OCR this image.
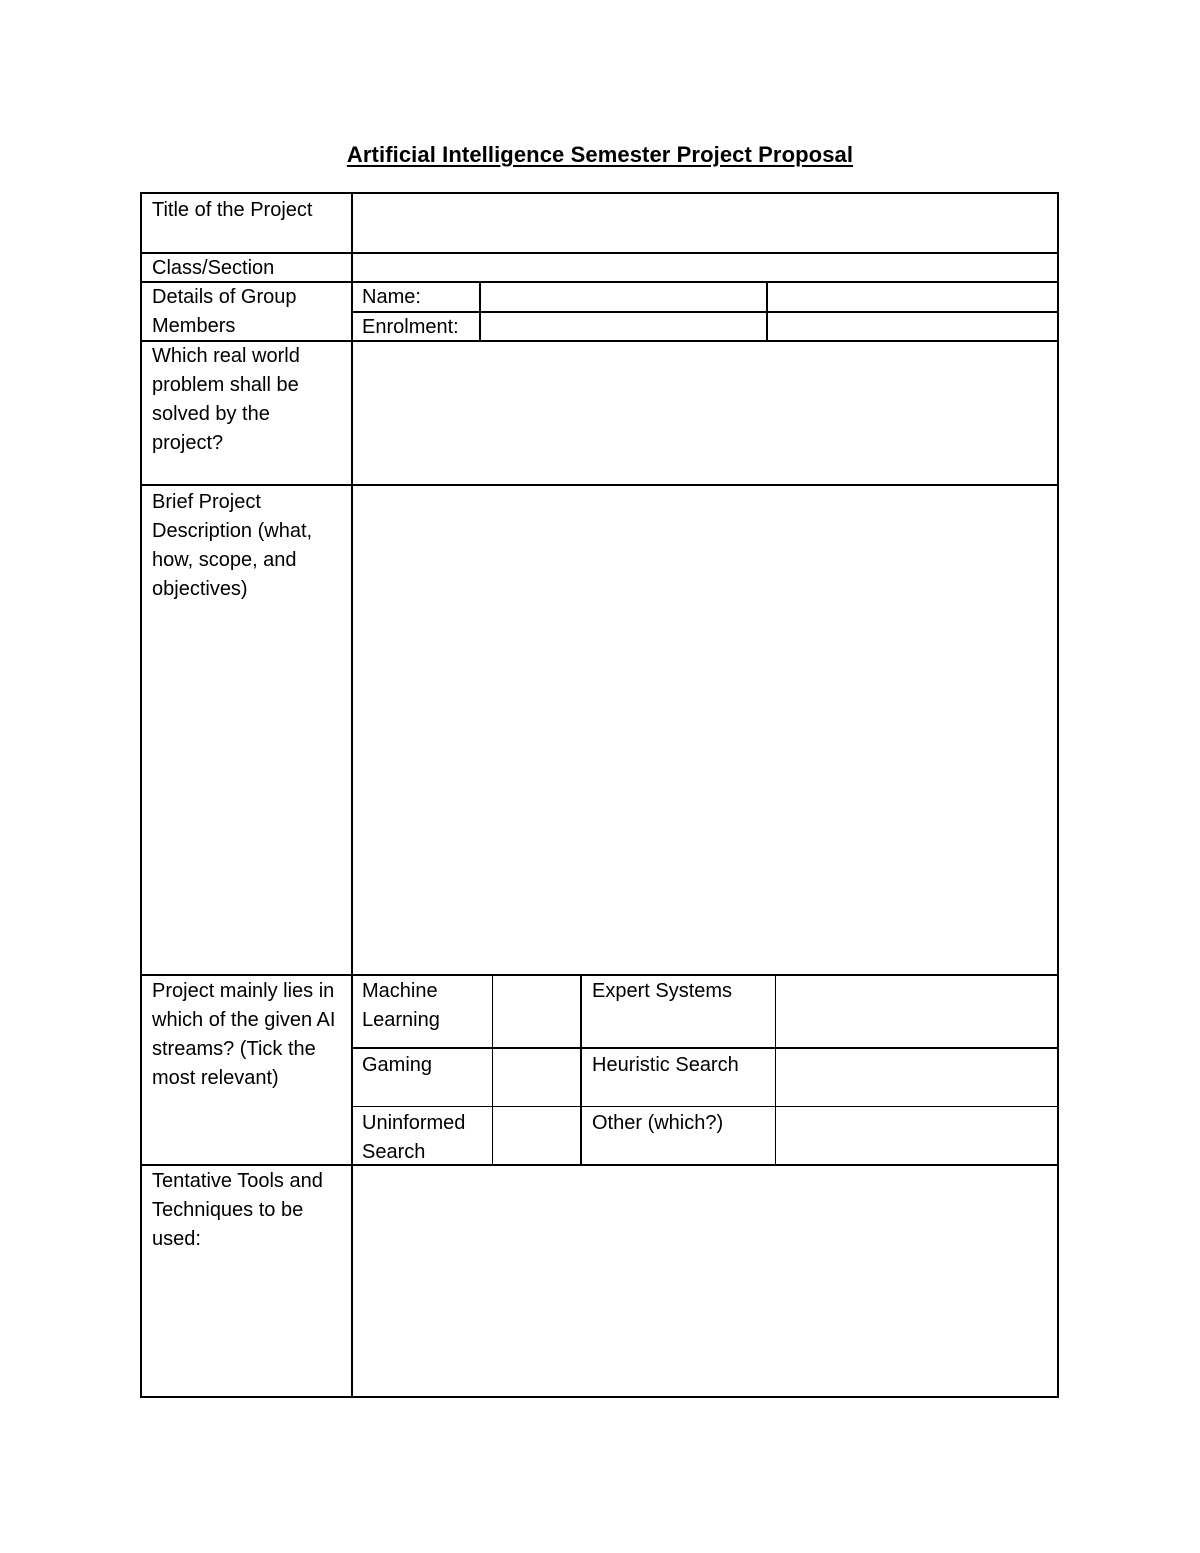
Artificial Intelligence Semester Project Proposal
Title of the Project
Class/Section
Details of Group Members
Which real world problem shall be solved by the project?
Brief Project Description (what, how, scope, and objectives)
Project mainly lies in which of the given AI streams? (Tick the most relevant)
Tentative Tools and Techniques to be used:
Name:
Enrolment:
Machine Learning
Expert Systems
Gaming	Heuristic Search
Uninformed Search
Other (which?)
